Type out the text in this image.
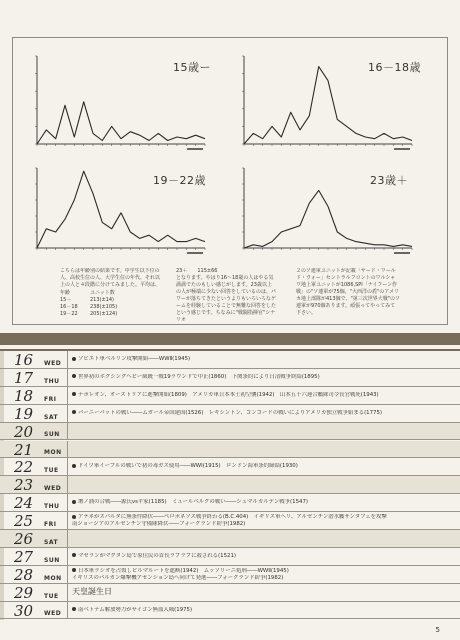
15歳ー	16－18歳
19－22歳	23歳＋

こちらは年齢別の結果です。中学生以下位の人、高校生位の人、大学生位の年代、それ以上の人と４段階に分けてみました。平均は、

年齢	ユニット数
15－	213(±14)
16－18	238(±105)
19－22	205(±124)
23＋　　115±66
となります。やはり16〜18歳の人はやる気満満でたのもしい感じがします。23歳以上の人が極端に少ない回答をしているのは、パワーが落ちてきたというよりもいろいろなゲームを経験していることで無難な回答をしたという感じです。ちなみに"戦闘指揮官"シナリオ
２のソ連軍ユニットが記載「サード・ワールド・ウォー」セントラルフロントのワルシャワ地上軍ユニットが1086,SPI「ナイフーン作戦」の"ソ連軍が75個、"大西洋の盾"のアメリカ地上部隊が413個で、"第三次世界大戦"のソ連軍が970個あります。頑張ってやってみて下さい。
16 WED
ソビエト軍ベルリン攻撃開始――WWⅡ(1945)
17 THU
世界初のボクシングヘビー級統一戦19ラウンドで中止(1860)　下関条約により日清戦争終結(1895)
18 FRI
ナポレオン、オーストリアに進撃開始(1809)　アメリカ軍日本本土初空襲(1942)　山本五十六連合艦隊司令長官戦死(1943)
19 SAT
バーニーパットの戦い――ムガール帝国建国(1526)　レキシントン、コンコードの戦いによりアメリカ独立戦争始まる(1775)
20 SUN
21 MON
22 TUE
ドイツ軍イーブルの戦いで初の毒ガス使用――WWⅠ(1915)　ロンドン海軍条約締結(1930)
23 WED
24 THU
壇ノ浦の合戦――源氏vs平家(1185)　ミュールベルクの戦い――シュマルカルデン戦争(1547)
25 FRI
アテネがスパルタに無条件降伏――ペロポネソス戦争終わる(B.C.404)　イギリス軍ヘリ、アルゼンチン潜水艦サンタフェを攻撃
南ジョージアのアルゼンチン守備隊降伏――フォークランド紛争(1982)
26 SAT
27 SUN
マゼランがマクタン島で原住民の首長ラプラプに殺される(1521)
28 MON
日本軍ラシオを占領しビルマルートを遮断(1942)　ムッソリーニ処刑――WWⅡ(1945)
イギリスのバルカン爆撃機アセンション島へ向けて発進――フォークランド紛争(1982)
29 TUE
天皇誕生日
30 WED
南ベトナム解放勢力がサイゴン無血入城(1975)
5
